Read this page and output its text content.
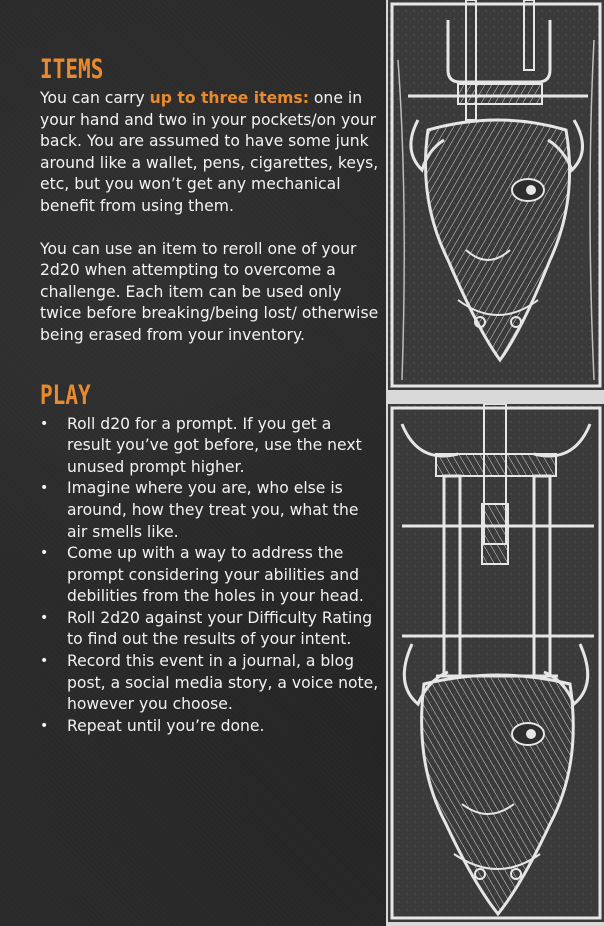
ITEMS

You can carry up to three items: one in your hand and two in your pockets/on your back. You are assumed to have some junk around like a wallet, pens, cigarettes, keys, etc, but you won’t get any mechanical benefit from using them.

You can use an item to reroll one of your 2d20 when attempting to overcome a challenge. Each item can be used only twice before breaking/being lost/ otherwise being erased from your inventory.

PLAY
• Roll d20 for a prompt. If you get a result you’ve got before, use the next unused prompt higher.
• Imagine where you are, who else is around, how they treat you, what the air smells like.
• Come up with a way to address the prompt considering your abilities and debilities from the holes in your head.
• Roll 2d20 against your Difficulty Rating to find out the results of your intent.
• Record this event in a journal, a blog post, a social media story, a voice note, however you choose.
• Repeat until you’re done.
